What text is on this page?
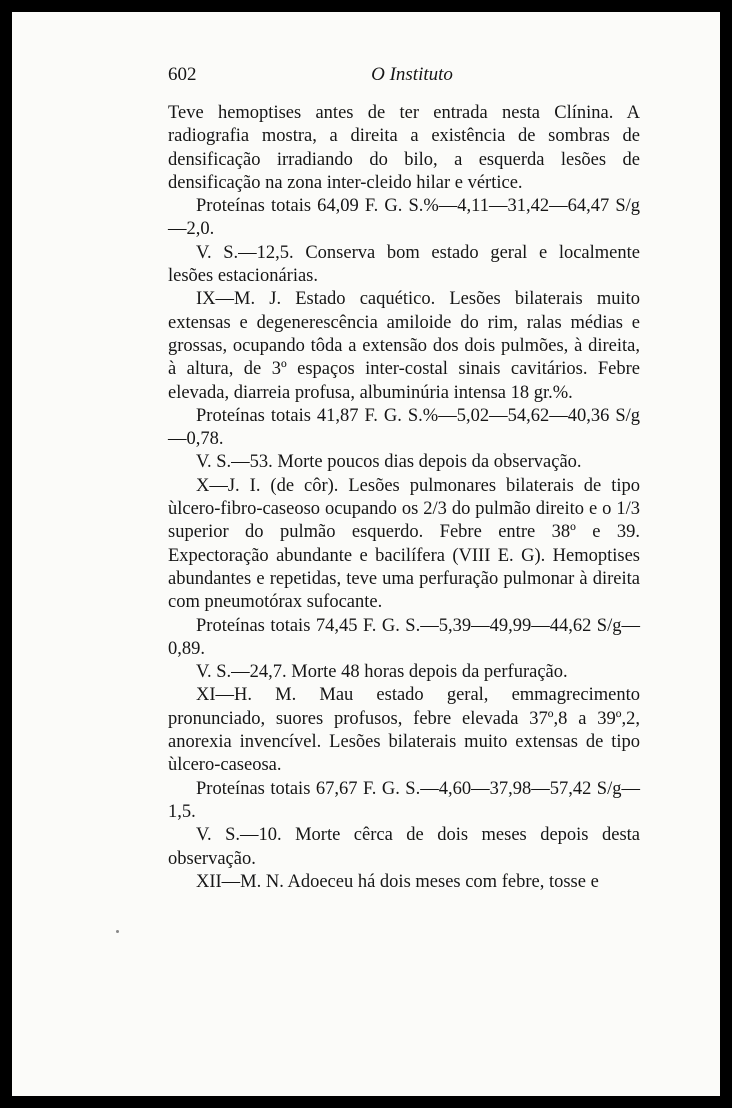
602	O Instituto

Teve hemoptises antes de ter entrada nesta Clínina. A radiografia mostra, a direita a existência de sombras de densificação irradiando do bilo, a esquerda lesões de densificação na zona inter-cleido hilar e vértice.

Proteínas totais 64,09 F. G. S.%—4,11—31,42—64,47 S/g—2,0.

V. S.—12,5. Conserva bom estado geral e localmente lesões estacionárias.

IX—M. J. Estado caquético. Lesões bilaterais muito extensas e degenerescência amiloide do rim, ralas médias e grossas, ocupando tôda a extensão dos dois pulmões, à direita, à altura, de 3º espaços inter-costal sinais cavitários. Febre elevada, diarreia profusa, albuminúria intensa 18 gr.%.

Proteínas totais 41,87 F. G. S.%—5,02—54,62—40,36 S/g—0,78.

V. S.—53. Morte poucos dias depois da observação.

X—J. I. (de côr). Lesões pulmonares bilaterais de tipo ùlcero-fibro-caseoso ocupando os 2/3 do pulmão direito e o 1/3 superior do pulmão esquerdo. Febre entre 38º e 39. Expectoração abundante e bacilífera (VIII E. G). Hemoptises abundantes e repetidas, teve uma perfuração pulmonar à direita com pneumotórax sufocante.

Proteínas totais 74,45 F. G. S.—5,39—49,99—44,62 S/g—0,89.

V. S.—24,7. Morte 48 horas depois da perfuração.

XI—H. M. Mau estado geral, emmagrecimento pronunciado, suores profusos, febre elevada 37º,8 a 39º,2, anorexia invencível. Lesões bilaterais muito extensas de tipo ùlcero-caseosa.

Proteínas totais 67,67 F. G. S.—4,60—37,98—57,42 S/g—1,5.

V. S.—10. Morte cêrca de dois meses depois desta observação.

XII—M. N. Adoeceu há dois meses com febre, tosse e
